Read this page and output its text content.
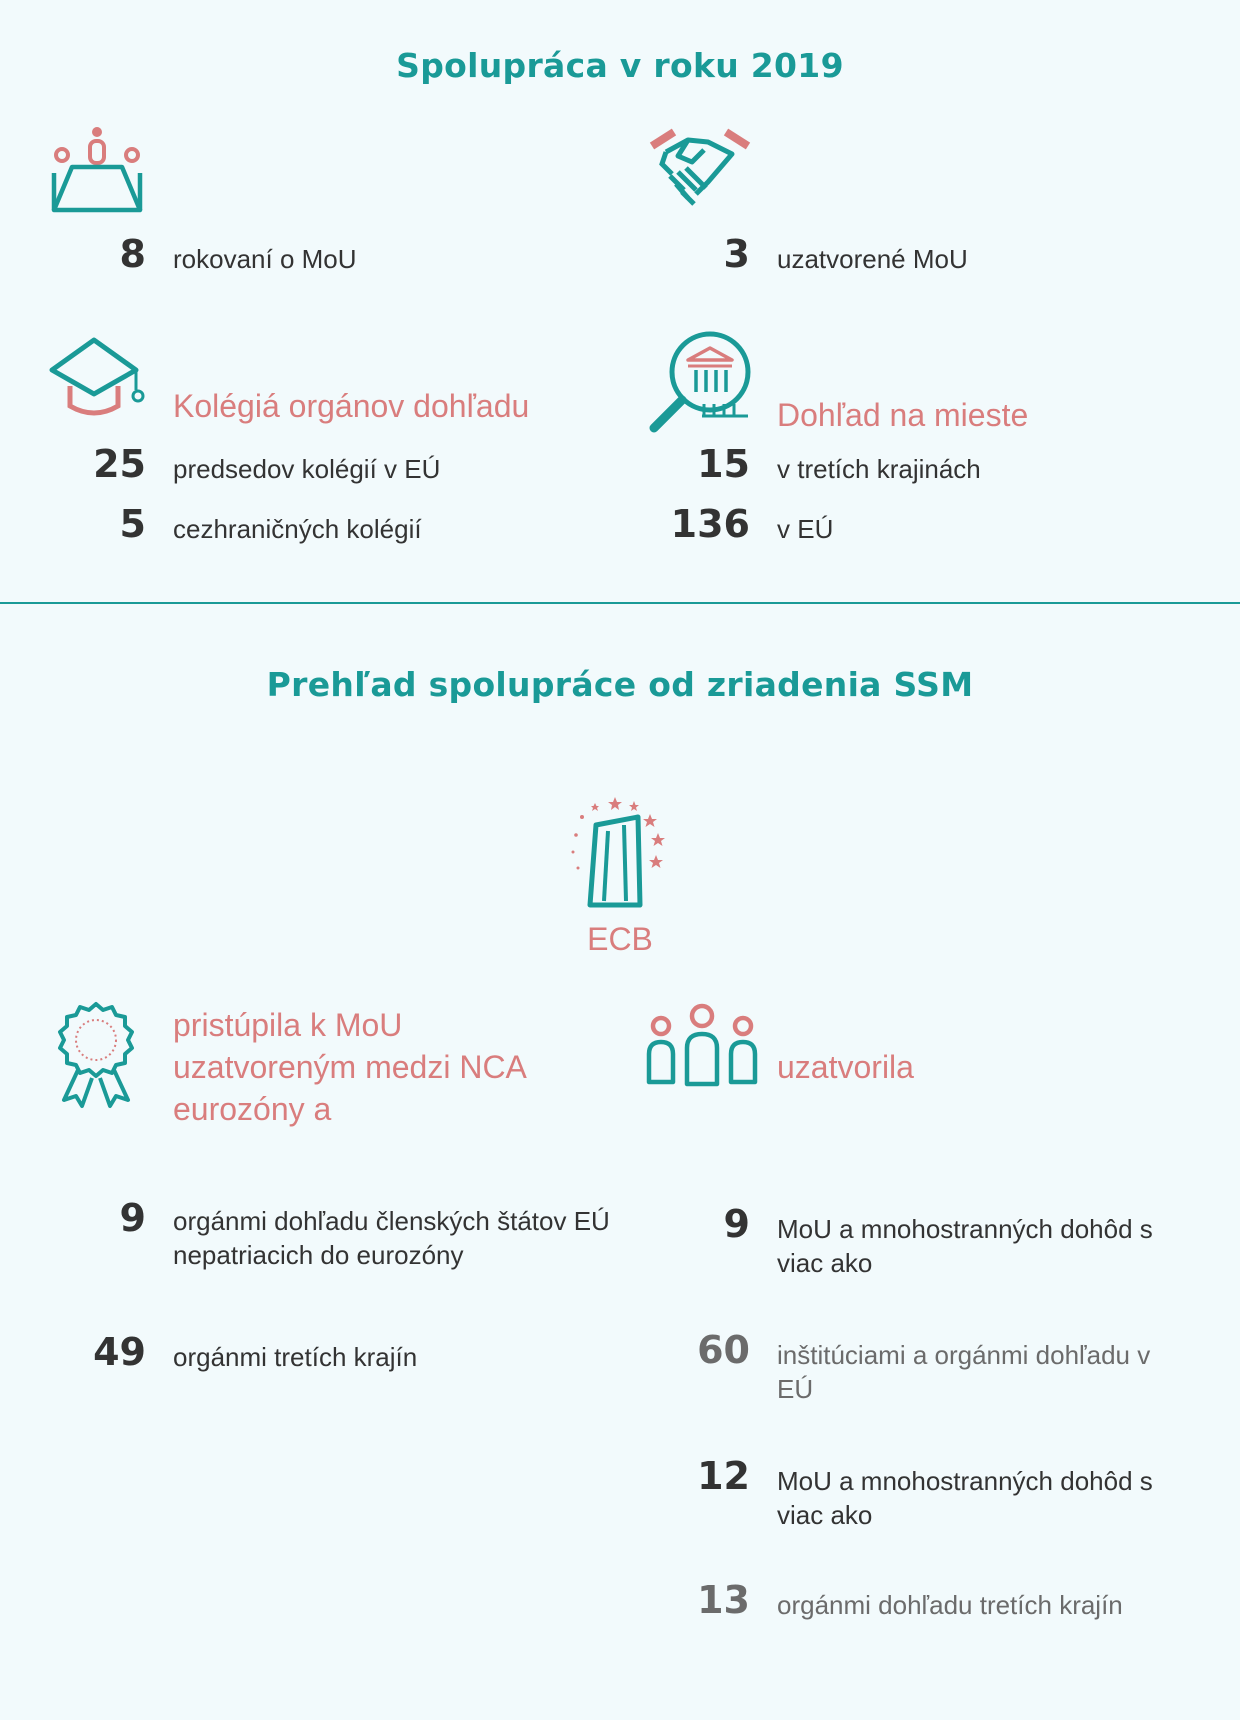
Spolupráca v roku 2019
8 rokovaní o MoU	3 uzatvorené MoU
Kolégiá orgánov dohľadu
25 predsedov kolégií v EÚ
5 cezhraničných kolégií
Dohľad na mieste
15 v tretích krajinách
136 v EÚ
Prehľad spolupráce od zriadenia SSM
ECB
pristúpila k MoU uzatvoreným medzi NCA eurozóny a
uzatvorila
9 orgánmi dohľadu členských štátov EÚ nepatriacich do eurozóny
49 orgánmi tretích krajín
9 MoU a mnohostranných dohôd s viac ako
60 inštitúciami a orgánmi dohľadu v EÚ
12 MoU a mnohostranných dohôd s viac ako
13 orgánmi dohľadu tretích krajín
